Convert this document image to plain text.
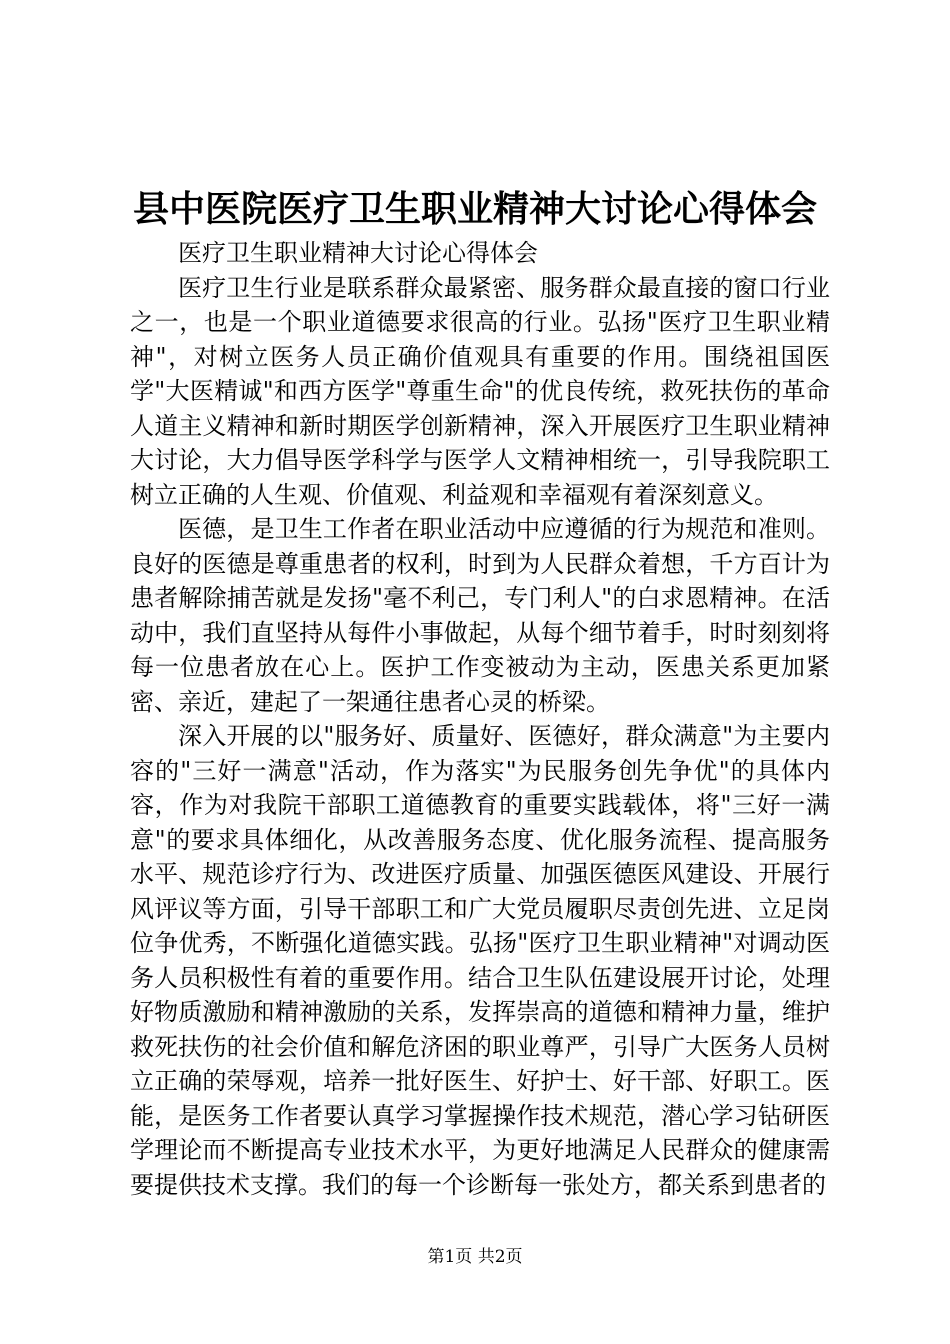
县中医院医疗卫生职业精神大讨论心得体会

医疗卫生职业精神大讨论心得体会

医疗卫生行业是联系群众最紧密、服务群众最直接的窗口行业之一，也是一个职业道德要求很高的行业。弘扬"医疗卫生职业精神"，对树立医务人员正确价值观具有重要的作用。围绕祖国医学"大医精诚"和西方医学"尊重生命"的优良传统，救死扶伤的革命人道主义精神和新时期医学创新精神，深入开展医疗卫生职业精神大讨论，大力倡导医学科学与医学人文精神相统一，引导我院职工树立正确的人生观、价值观、利益观和幸福观有着深刻意义。

医德，是卫生工作者在职业活动中应遵循的行为规范和准则。良好的医德是尊重患者的权利，时到为人民群众着想，千方百计为患者解除捕苦就是发扬"毫不利己，专门利人"的白求恩精神。在活动中，我们直坚持从每件小事做起，从每个细节着手，时时刻刻将每一位患者放在心上。医护工作变被动为主动，医患关系更加紧密、亲近，建起了一架通往患者心灵的桥梁。

深入开展的以"服务好、质量好、医德好，群众满意"为主要内容的"三好一满意"活动，作为落实"为民服务创先争优"的具体内容，作为对我院干部职工道德教育的重要实践载体，将"三好一满意"的要求具体细化，从改善服务态度、优化服务流程、提高服务水平、规范诊疗行为、改进医疗质量、加强医德医风建设、开展行风评议等方面，引导干部职工和广大党员履职尽责创先进、立足岗位争优秀，不断强化道德实践。弘扬"医疗卫生职业精神"对调动医务人员积极性有着的重要作用。结合卫生队伍建设展开讨论，处理好物质激励和精神激励的关系，发挥崇高的道德和精神力量，维护救死扶伤的社会价值和解危济困的职业尊严，引导广大医务人员树立正确的荣辱观，培养一批好医生、好护士、好干部、好职工。医能，是医务工作者要认真学习掌握操作技术规范，潜心学习钻研医学理论而不断提高专业技术水平，为更好地满足人民群众的健康需要提供技术支撑。我们的每一个诊断每一张处方，都关系到患者的

第1页 共2页
